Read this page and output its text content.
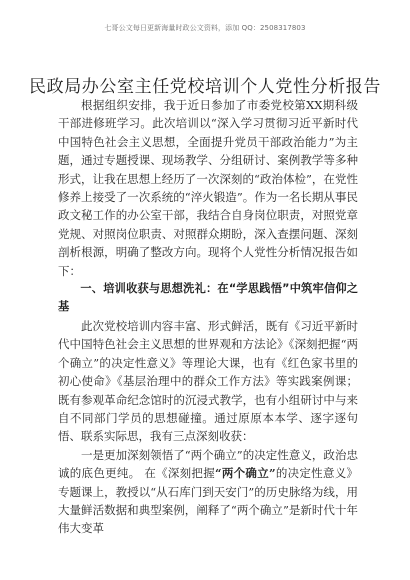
七哥公文每日更新海量时政公文资料，添加 QQ：2508317803
民政局办公室主任党校培训个人党性分析报告

根据组织安排，我于近日参加了市委党校第XX期科级干部进修班学习。此次培训以“深入学习贯彻习近平新时代中国特色社会主义思想，全面提升党员干部政治能力”为主题，通过专题授课、现场教学、分组研讨、案例教学等多种形式，让我在思想上经历了一次深刻的“政治体检”，在党性修养上接受了一次系统的“淬火锻造”。作为一名长期从事民政文秘工作的办公室干部，我结合自身岗位职责，对照党章党规、对照岗位职责、对照群众期盼，深入查摆问题、深刻剖析根源，明确了整改方向。现将个人党性分析情况报告如下：

一、培训收获与思想洗礼：在“学思践悟”中筑牢信仰之基

此次党校培训内容丰富、形式鲜活，既有《习近平新时代中国特色社会主义思想的世界观和方法论》《深刻把握“两个确立”的决定性意义》等理论大课，也有《红色家书里的初心使命》《基层治理中的群众工作方法》等实践案例课；既有参观革命纪念馆时的沉浸式教学，也有小组研讨中与来自不同部门学员的思想碰撞。通过原原本本学、逐字逐句悟、联系实际思，我有三点深刻收获：

一是更加深刻领悟了“两个确立”的决定性意义，政治忠诚的底色更纯。 在《深刻把握“两个确立”的决定性意义》专题课上，教授以“从石库门到天安门”的历史脉络为线，用大量鲜活数据和典型案例，阐释了“两个确立”是新时代十年伟大变革
